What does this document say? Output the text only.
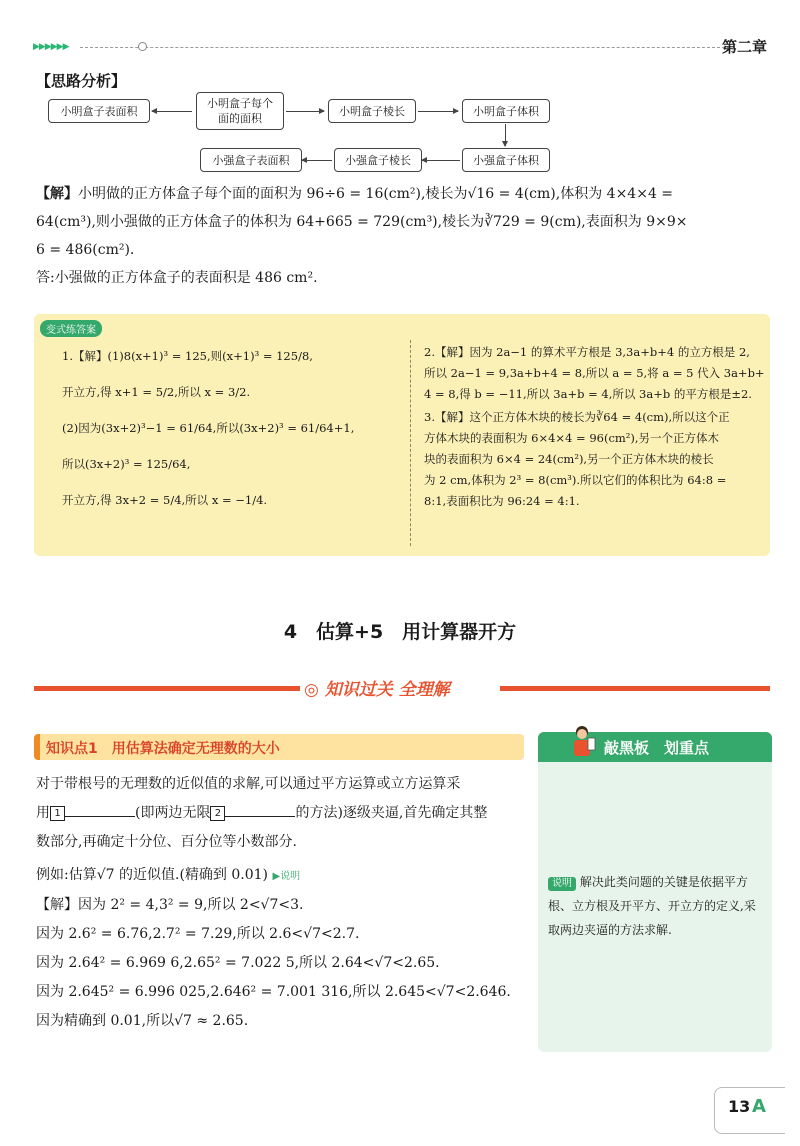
▶▶▶▶▶▶	第二章
【思路分析】
小明盒子表面积
小明盒子每个
面的面积
小明盒子棱长	小明盒子体积
小强盒子体积
小强盒子棱长
小强盒子表面积
【解】小明做的正方体盒子每个面的面积为 96÷6 = 16(cm²),棱长为√16 = 4(cm),体积为 4×4×4 =
64(cm³),则小强做的正方体盒子的体积为 64+665 = 729(cm³),棱长为∛729 = 9(cm),表面积为 9×9×
6 = 486(cm²).
答:小强做的正方体盒子的表面积是 486 cm².
变式练答案
1.【解】(1)8(x+1)³ = 125,则(x+1)³ = 125/8,
开立方,得 x+1 = 5/2,所以 x = 3/2.
(2)因为(3x+2)³−1 = 61/64,所以(3x+2)³ = 61/64+1,
所以(3x+2)³ = 125/64,
开立方,得 3x+2 = 5/4,所以 x = −1/4.
2.【解】因为 2a−1 的算术平方根是 3,3a+b+4 的立方根是 2,
所以 2a−1 = 9,3a+b+4 = 8,所以 a = 5,将 a = 5 代入 3a+b+
4 = 8,得 b = −11,所以 3a+b = 4,所以 3a+b 的平方根是±2.
3.【解】这个正方体木块的棱长为∛64 = 4(cm),所以这个正
方体木块的表面积为 6×4×4 = 96(cm²),另一个正方体木
块的表面积为 6×4 = 24(cm²),另一个正方体木块的棱长
为 2 cm,体积为 2³ = 8(cm³).所以它们的体积比为 64:8 =
8:1,表面积比为 96:24 = 4:1.
4　估算+5　用计算器开方
◎ 知识过关 全理解
知识点1　用估算法确定无理数的大小
对于带根号的无理数的近似值的求解,可以通过平方运算或立方运算采
用 1	(即两边无限 2	的方法)逐级夹逼,首先确定其整
数部分,再确定十分位、百分位等小数部分.
例如:估算√7 的近似值.(精确到 0.01) ▶说明
【解】因为 2² = 4,3² = 9,所以 2<√7<3.
因为 2.6² = 6.76,2.7² = 7.29,所以 2.6<√7<2.7.
因为 2.64² = 6.969 6,2.65² = 7.022 5,所以 2.64<√7<2.65.
因为 2.645² = 6.996 025,2.646² = 7.001 316,所以 2.645<√7<2.646.
因为精确到 0.01,所以√7 ≈ 2.65.
敲黑板　划重点
说明 解决此类问题的关键是依据平方根、立方根及开平方、开立方的定义,采取两边夹逼的方法求解.
13 A
